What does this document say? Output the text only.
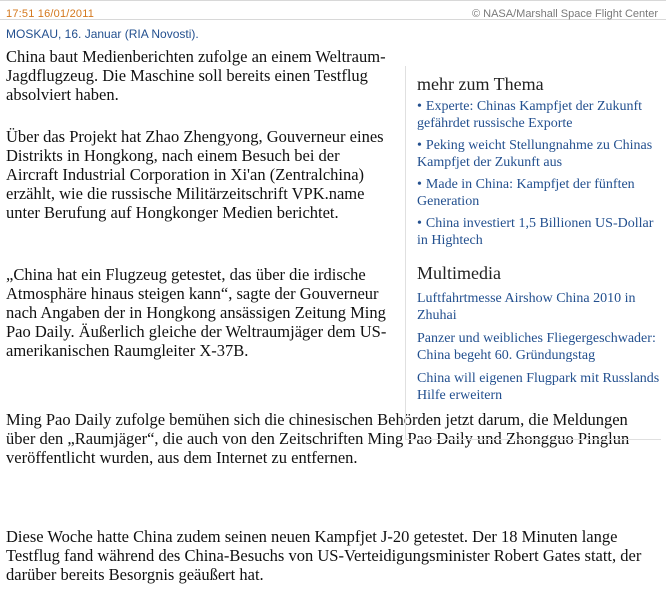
17:51 16/01/2011	© NASA/Marshall Space Flight Center
MOSKAU, 16. Januar (RIA Novosti).

China baut Medienberichten zufolge an einem Weltraum-Jagdflugzeug. Die Maschine soll bereits einen Testflug absolviert haben.

Über das Projekt hat Zhao Zhengyong, Gouverneur eines Distrikts in Hongkong, nach einem Besuch bei der Aircraft Industrial Corporation in Xi'an (Zentralchina) erzählt, wie die russische Militärzeitschrift VPK.name unter Berufung auf Hongkonger Medien berichtet.

„China hat ein Flugzeug getestet, das über die irdische Atmosphäre hinaus steigen kann“, sagte der Gouverneur nach Angaben der in Hongkong ansässigen Zeitung Ming Pao Daily. Äußerlich gleiche der Weltraumjäger dem US-amerikanischen Raumgleiter X-37B.

Ming Pao Daily zufolge bemühen sich die chinesischen Behörden jetzt darum, die Meldungen über den „Raumjäger“, die auch von den Zeitschriften Ming Pao Daily und Zhongguo Pinglun veröffentlicht wurden, aus dem Internet zu entfernen.

Diese Woche hatte China zudem seinen neuen Kampfjet J-20 getestet. Der 18 Minuten lange Testflug fand während des China-Besuchs von US-Verteidigungsminister Robert Gates statt, der darüber bereits Besorgnis geäußert hat.

mehr zum Thema
• Experte: Chinas Kampfjet der Zukunft gefährdet russische Exporte
• Peking weicht Stellungnahme zu Chinas Kampfjet der Zukunft aus
• Made in China: Kampfjet der fünften Generation
• China investiert 1,5 Billionen US-Dollar in Hightech
Multimedia
Luftfahrtmesse Airshow China 2010 in Zhuhai
Panzer und weibliches Fliegergeschwader: China begeht 60. Gründungstag
China will eigenen Flugpark mit Russlands Hilfe erweitern
